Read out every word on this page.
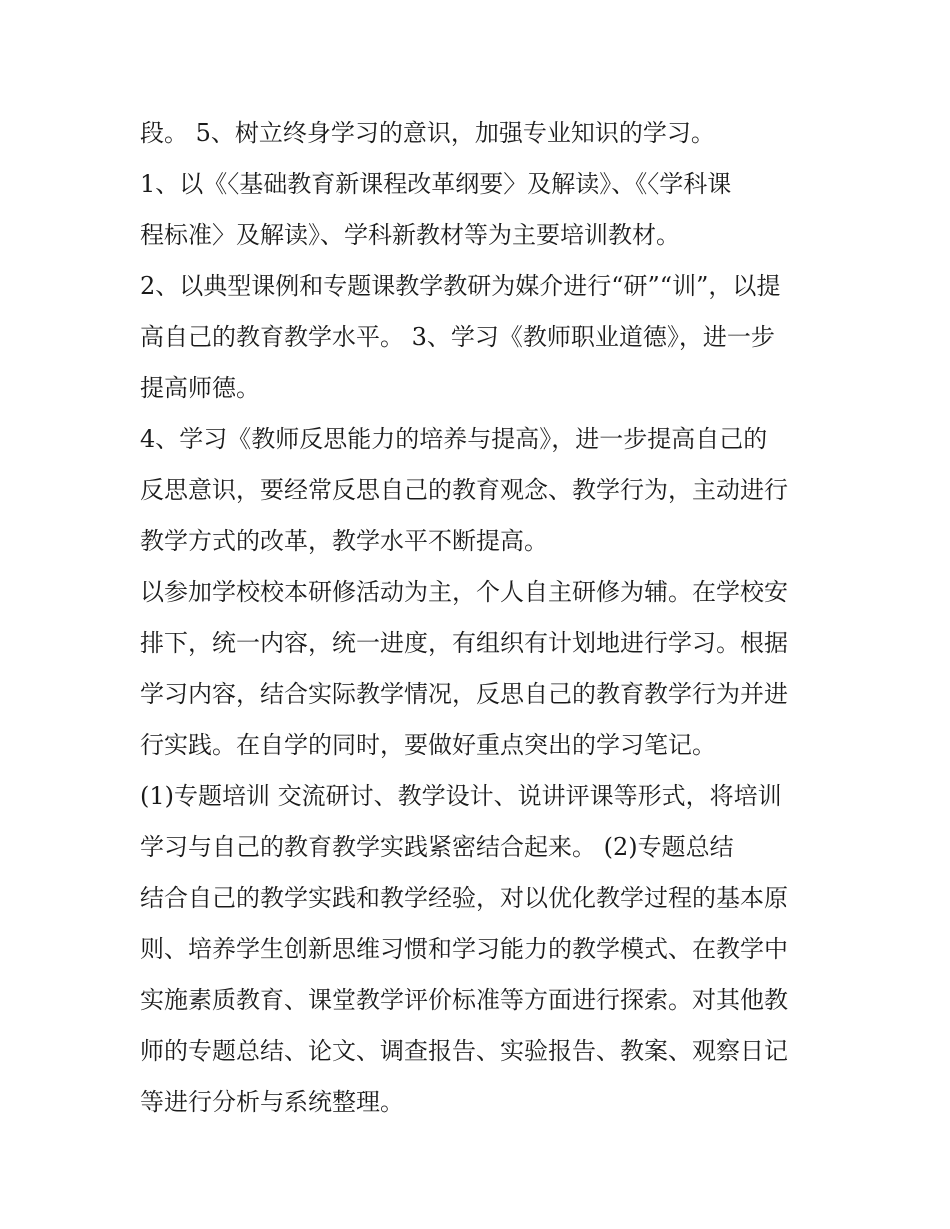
段。 5、树立终身学习的意识，加强专业知识的学习。
1、以《〈基础教育新课程改革纲要〉及解读》、《〈学科课
程标准〉及解读》、学科新教材等为主要培训教材。
2、以典型课例和专题课教学教研为媒介进行“研”“训”，以提
高自己的教育教学水平。 3、学习《教师职业道德》，进一步
提高师德。
4、学习《教师反思能力的培养与提高》，进一步提高自己的
反思意识，要经常反思自己的教育观念、教学行为，主动进行
教学方式的改革，教学水平不断提高。
以参加学校校本研修活动为主，个人自主研修为辅。在学校安
排下，统一内容，统一进度，有组织有计划地进行学习。根据
学习内容，结合实际教学情况，反思自己的教育教学行为并进
行实践。在自学的同时，要做好重点突出的学习笔记。
(1)专题培训 交流研讨、教学设计、说讲评课等形式，将培训
学习与自己的教育教学实践紧密结合起来。 (2)专题总结
结合自己的教学实践和教学经验，对以优化教学过程的基本原
则、培养学生创新思维习惯和学习能力的教学模式、在教学中
实施素质教育、课堂教学评价标准等方面进行探索。对其他教
师的专题总结、论文、调查报告、实验报告、教案、观察日记
等进行分析与系统整理。
